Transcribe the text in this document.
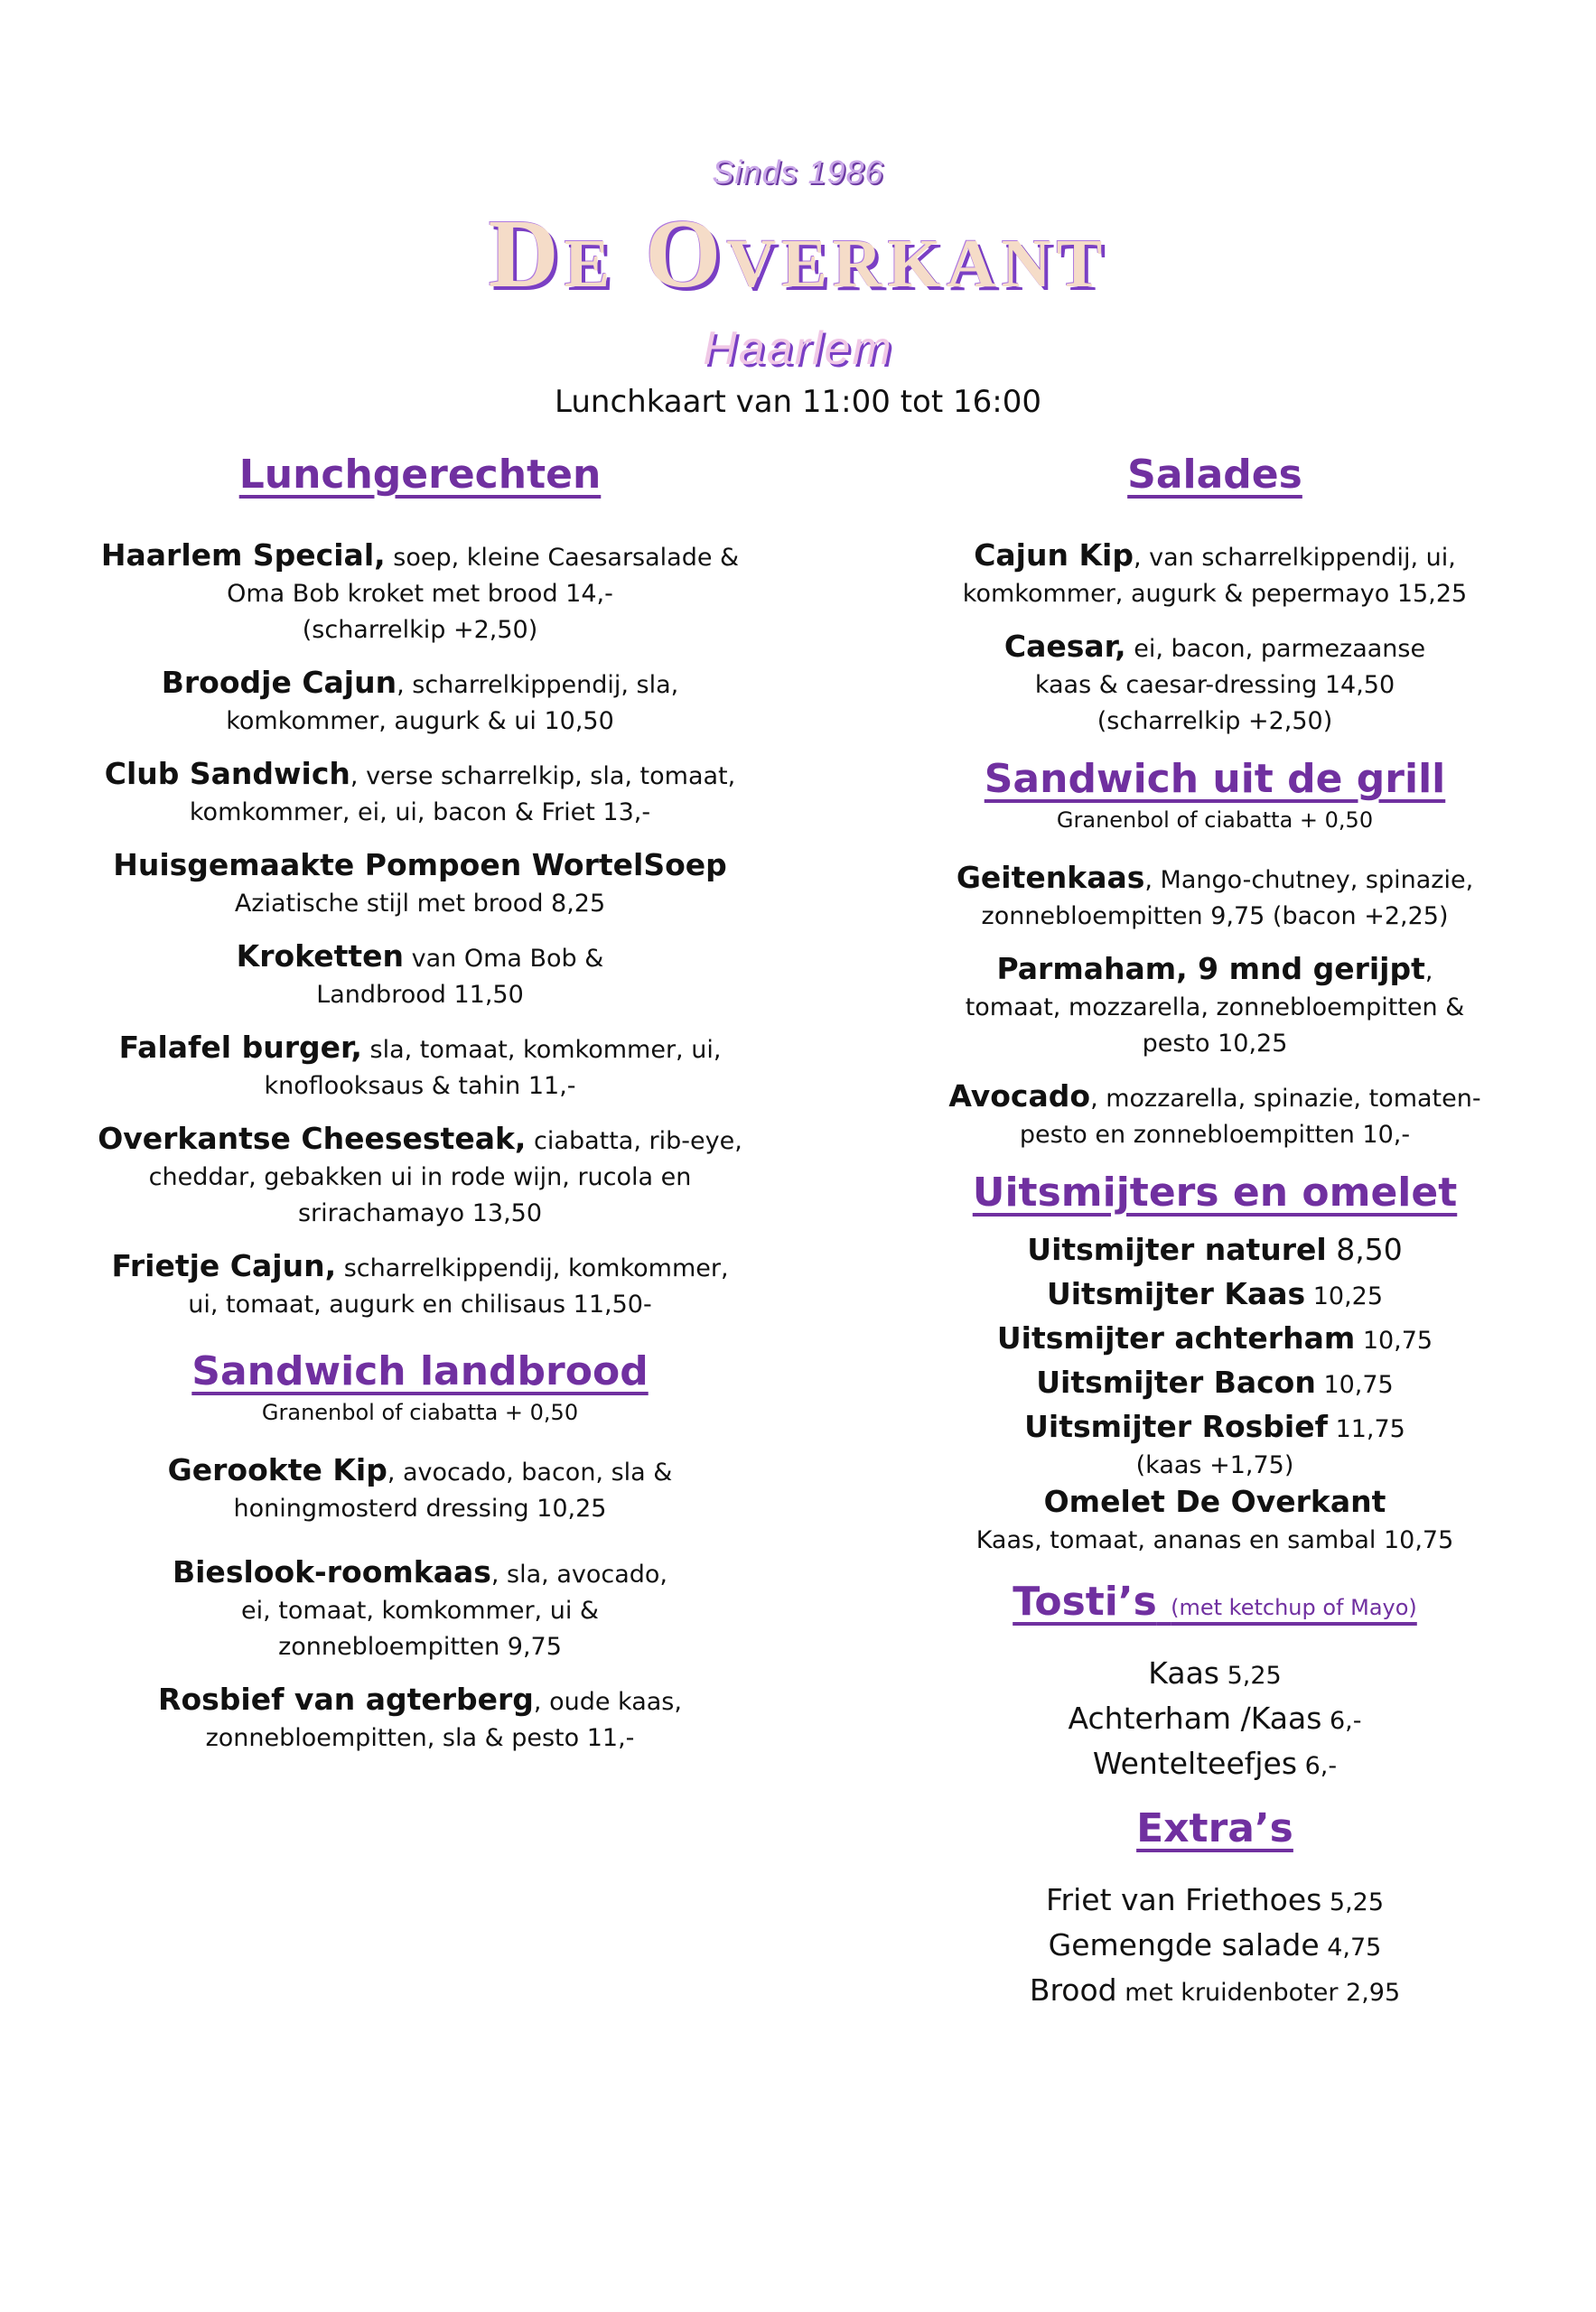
Sinds 1986
De Overkant
Haarlem
Lunchkaart van 11:00 tot 16:00
Lunchgerechten
Haarlem Special, soep, kleine Caesarsalade &
Oma Bob kroket met brood 14,-
(scharrelkip +2,50)
Broodje Cajun, scharrelkippendij, sla,
komkommer, augurk & ui 10,50
Club Sandwich, verse scharrelkip, sla, tomaat,
komkommer, ei, ui, bacon & Friet 13,-
Huisgemaakte Pompoen WortelSoep
Aziatische stijl met brood 8,25
Kroketten van Oma Bob &
Landbrood 11,50
Falafel burger, sla, tomaat, komkommer, ui,
knoflooksaus & tahin 11,-
Overkantse Cheesesteak, ciabatta, rib-eye,
cheddar, gebakken ui in rode wijn, rucola en
srirachamayo 13,50
Frietje Cajun, scharrelkippendij, komkommer,
ui, tomaat, augurk en chilisaus 11,50-
Sandwich landbrood
Granenbol of ciabatta + 0,50
Gerookte Kip, avocado, bacon, sla &
honingmosterd dressing 10,25
Bieslook-roomkaas, sla, avocado,
ei, tomaat, komkommer, ui &
zonnebloempitten 9,75
Rosbief van agterberg, oude kaas,
zonnebloempitten, sla & pesto 11,-
Salades
Cajun Kip, van scharrelkippendij, ui,
komkommer, augurk & pepermayo 15,25
Caesar, ei, bacon, parmezaanse
kaas & caesar-dressing 14,50
(scharrelkip +2,50)
Sandwich uit de grill
Granenbol of ciabatta + 0,50
Geitenkaas, Mango-chutney, spinazie,
zonnebloempitten 9,75 (bacon +2,25)
Parmaham, 9 mnd gerijpt,
tomaat, mozzarella, zonnebloempitten &
pesto 10,25
Avocado, mozzarella, spinazie, tomaten-
pesto en zonnebloempitten 10,-
Uitsmijters en omelet
Uitsmijter naturel 8,50
Uitsmijter Kaas 10,25
Uitsmijter achterham 10,75
Uitsmijter Bacon 10,75
Uitsmijter Rosbief 11,75
(kaas +1,75)
Omelet De Overkant
Kaas, tomaat, ananas en sambal 10,75
Tosti’s (met ketchup of Mayo)
Kaas 5,25
Achterham /Kaas 6,-
Wentelteefjes 6,-
Extra’s
Friet van Friethoes 5,25
Gemengde salade 4,75
Brood met kruidenboter 2,95
